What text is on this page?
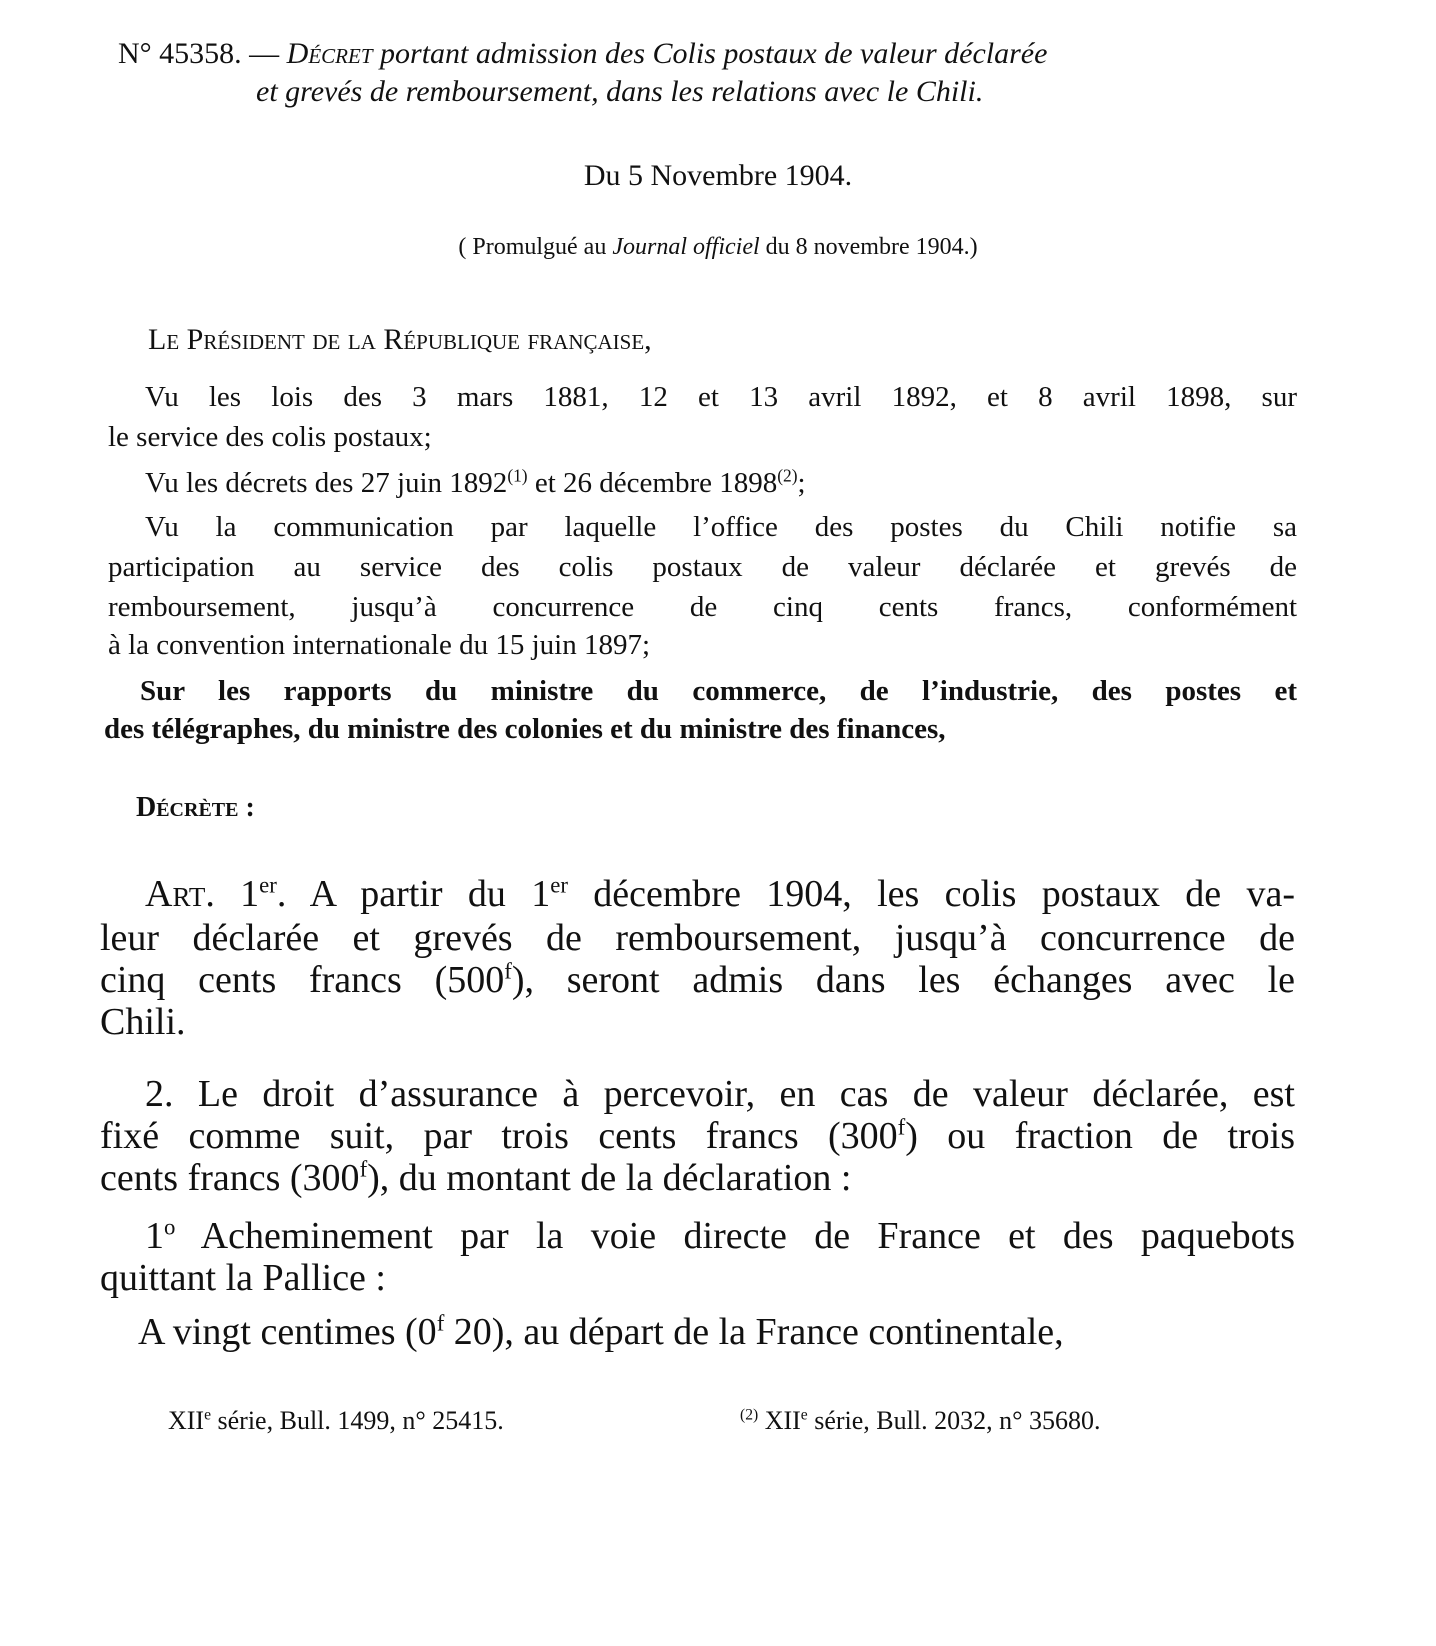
N° 45358. — Décret portant admission des Colis postaux de valeur déclarée
et grevés de remboursement, dans les relations avec le Chili.
Du 5 Novembre 1904.
( Promulgué au Journal officiel du 8 novembre 1904.)
Le Président de la République française,
Vu les lois des 3 mars 1881, 12 et 13 avril 1892, et 8 avril 1898, sur
le service des colis postaux;
Vu les décrets des 27 juin 1892$^{(1)}$ et 26 décembre 1898$^{(2)}$;
Vu la communication par laquelle l’office des postes du Chili notifie sa
participation au service des colis postaux de valeur déclarée et grevés de
remboursement, jusqu’à concurrence de cinq cents francs, conformément
à la convention internationale du 15 juin 1897;
Sur les rapports du ministre du commerce, de l’industrie, des postes et
des télégraphes, du ministre des colonies et du ministre des finances,
Décrète :
Art. 1er. A partir du 1er décembre 1904, les colis postaux de va-
leur déclarée et grevés de remboursement, jusqu’à concurrence de
cinq cents francs (500$^f$), seront admis dans les échanges avec le
Chili.
2. Le droit d’assurance à percevoir, en cas de valeur déclarée, est
fixé comme suit, par trois cents francs (300$^f$) ou fraction de trois
cents francs (300$^f$), du montant de la déclaration :
1$^o$ Acheminement par la voie directe de France et des paquebots
quittant la Pallice :
A vingt centimes (0$^f$ 20), au départ de la France continentale,
XIIe série, Bull. 1499, n° 25415.	$^{(2)}$ XIIe série, Bull. 2032, n° 35680.
